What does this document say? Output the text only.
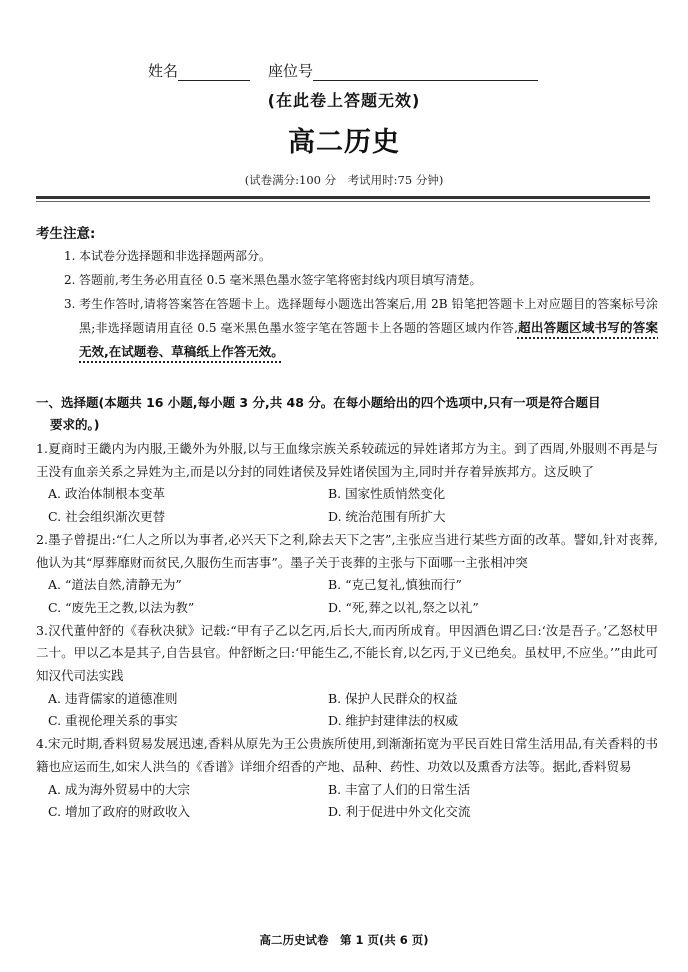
姓名	座位号
(在此卷上答题无效)
高二历史
(试卷满分:100 分　考试用时:75 分钟)
考生注意:
1. 本试卷分选择题和非选择题两部分。
2. 答题前,考生务必用直径 0.5 毫米黑色墨水签字笔将密封线内项目填写清楚。
3. 考生作答时,请将答案答在答题卡上。选择题每小题选出答案后,用 2B 铅笔把答题卡上对应题目的答案标号涂黑;非选择题请用直径 0.5 毫米黑色墨水签字笔在答题卡上各题的答题区域内作答,超出答题区域书写的答案无效,在试题卷、草稿纸上作答无效。
一、选择题(本题共 16 小题,每小题 3 分,共 48 分。在每小题给出的四个选项中,只有一项是符合题目
要求的。)
1.夏商时王畿内为内服,王畿外为外服,以与王血缘宗族关系较疏远的异姓诸邦方为主。到了西周,外服则不再是与王没有血亲关系之异姓为主,而是以分封的同姓诸侯及异姓诸侯国为主,同时并存着异族邦方。这反映了
A. 政治体制根本变革	B. 国家性质悄然变化
C. 社会组织渐次更替	D. 统治范围有所扩大
2.墨子曾提出:“仁人之所以为事者,必兴天下之利,除去天下之害”,主张应当进行某些方面的改革。譬如,针对丧葬,他认为其“厚葬靡财而贫民,久服伤生而害事”。墨子关于丧葬的主张与下面哪一主张相冲突
A. “道法自然,清静无为”	B. “克己复礼,慎独而行”
C. “废先王之教,以法为教”	D. “死,葬之以礼,祭之以礼”
3.汉代董仲舒的《春秋决狱》记载:“甲有子乙以乞丙,后长大,而丙所成育。甲因酒色谓乙曰:‘汝是吾子。’乙怒杖甲二十。甲以乙本是其子,自告县官。仲舒断之曰:‘甲能生乙,不能长育,以乞丙,于义已绝矣。虽杖甲,不应坐。’”由此可知汉代司法实践
A. 违背儒家的道德准则	B. 保护人民群众的权益
C. 重视伦理关系的事实	D. 维护封建律法的权威
4.宋元时期,香料贸易发展迅速,香料从原先为王公贵族所使用,到渐渐拓宽为平民百姓日常生活用品,有关香料的书籍也应运而生,如宋人洪刍的《香谱》详细介绍香的产地、品种、药性、功效以及熏香方法等。据此,香料贸易
A. 成为海外贸易中的大宗	B. 丰富了人们的日常生活
C. 增加了政府的财政收入	D. 利于促进中外文化交流
高二历史试卷　第 1 页(共 6 页)
